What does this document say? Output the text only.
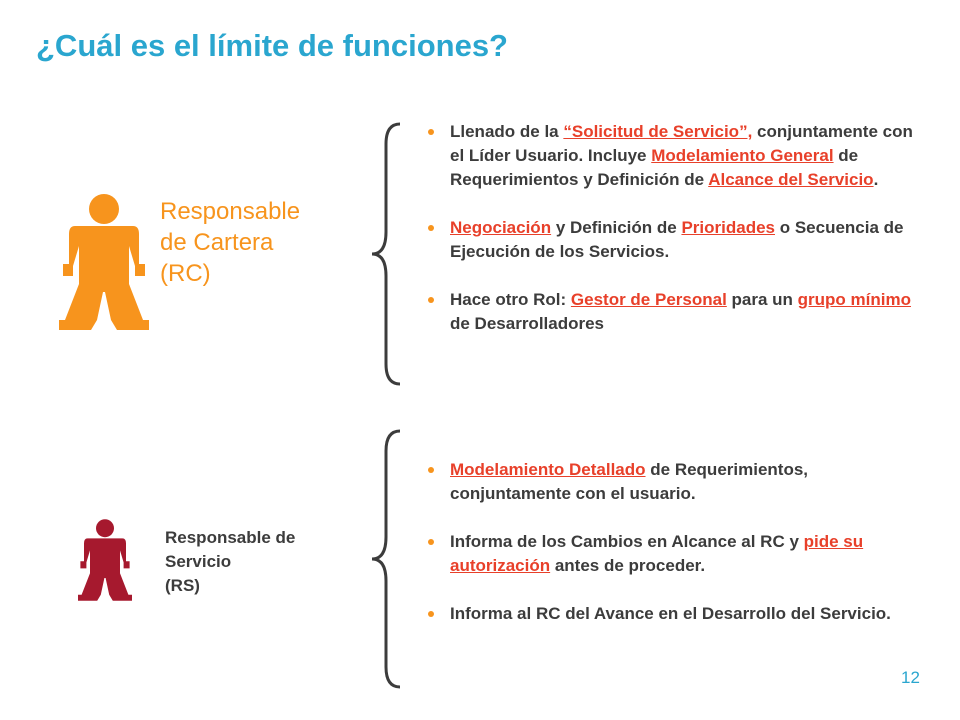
¿Cuál es el límite de funciones?
Responsable
de Cartera
(RC)
Responsable de
Servicio
(RS)
Llenado de la “Solicitud de Servicio”, conjuntamente con el Líder Usuario. Incluye Modelamiento General de Requerimientos y Definición de Alcance del Servicio.
Negociación y Definición de Prioridades o Secuencia de Ejecución de los Servicios.
Hace otro Rol: Gestor de Personal para un grupo mínimo de Desarrolladores
Modelamiento Detallado de Requerimientos, conjuntamente con el usuario.
Informa de los Cambios en Alcance al RC y pide su autorización antes de proceder.
Informa al RC del Avance en el Desarrollo del Servicio.
12
